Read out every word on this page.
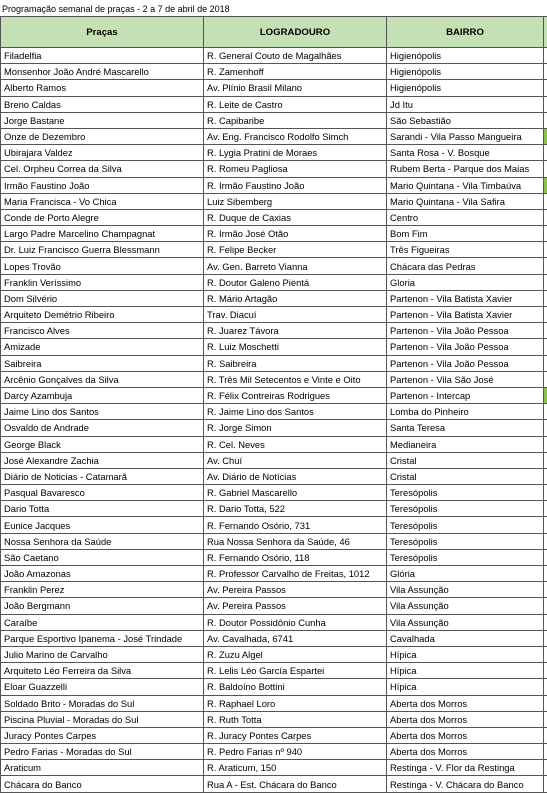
Programação semanal de praças - 2 a 7 de abril de 2018
Praças	LOGRADOURO	BAIRRO	
Filadelfia	R. General Couto de Magalhães	Higienópolis	
Monsenhor João André Mascarello	R. Zamenhoff	Higienópolis	
Alberto Ramos	Av. Plínio Brasil Milano	Higienópolis	
Breno Caldas	R. Leite de Castro	Jd Itu	
Jorge Bastane	R. Capibaribe	São Sebastião	
Onze de Dezembro	Av. Eng. Francisco Rodolfo Simch	Sarandi - Vila Passo Mangueira	
Ubirajara Valdez	R. Lygia Pratini de Moraes	Santa Rosa - V. Bosque	
Cel. Orpheu Correa da Silva	R. Romeu Pagliosa	Rubem Berta - Parque dos Maias	
Irmão Faustino João	R. Irmão Faustino João	Mario Quintana - Vila Timbaúva	
Maria Francisca - Vo Chica	Luiz Sibemberg	Mario Quintana - Vila Safira	
Conde de Porto Alegre	R. Duque de Caxias	Centro	
Largo Padre Marcelino Champagnat	R. Irmão José Otão	Bom Fim	
Dr. Luiz Francisco Guerra Blessmann	R. Felipe Becker	Três Figueiras	
Lopes Trovão	Av. Gen. Barreto Vianna	Chácara das Pedras	
Franklin Veríssimo	R. Doutor Galeno Pientá	Gloria	
Dom Silvério	R. Mário Artagão	Partenon - Vila Batista Xavier	
Arquiteto Demétrio Ribeiro	Trav. Diacuí	Partenon - Vila Batista Xavier	
Francisco Alves	R. Juarez Távora	Partenon - Vila João Pessoa	
Amizade	R. Luiz Moschetti	Partenon - Vila João Pessoa	
Saibreira	R. Saibreira	Partenon - Vila João Pessoa	
Arcênio Gonçalves da Silva	R. Três Mil Setecentos e Vinte e Oito	Partenon - Vila São José	
Darcy Azambuja	R. Félix Contreiras Rodrigues	Partenon - Intercap	
Jaime Lino dos Santos	R. Jaime Lino dos Santos	Lomba do Pinheiro	
Osvaldo de Andrade	R. Jorge Simon	Santa Teresa	
George Black	R. Cel. Neves	Medianeira	
José Alexandre Zachia	Av. Chuí	Cristal	
Diário de Noticias - Catamarã	Av. Diário de Notícias	Cristal	
Pasqual Bavaresco	R. Gabriel Mascarello	Teresópolis	
Dario Totta	R. Dario Totta, 522	Teresópolis	
Eunice Jacques	R. Fernando Osório, 731	Teresópolis	
Nossa Senhora da Saúde	Rua Nossa Senhora da Saúde, 46	Teresópolis	
São Caetano	R. Fernando Osório, 118	Teresópolis	
João Amazonas	R. Professor Carvalho de Freitas, 1012	Glória	
Franklin Perez	Av. Pereira Passos	Vila Assunção	
João Bergmann	Av. Pereira Passos	Vila Assunção	
Caraíbe	R. Doutor Possidônio Cunha	Vila Assunção	
Parque Esportivo Ipanema - José Trindade	Av. Cavalhada, 6741	Cavalhada	
Julio Marino de Carvalho	R. Zuzu Algel	Hípica	
Arquiteto Léo Ferreira da Silva	R. Lelis Léo García Espartei	Hípica	
Eloar Guazzelli	R. Baldoíno Bottini	Hípica	
Soldado Brito - Moradas do Sul	R. Raphael Loro	Aberta dos Morros	
Piscina Pluvial - Moradas do Sul	R. Ruth Totta	Aberta dos Morros	
Juracy Pontes Carpes	R. Juracy Pontes Carpes	Aberta dos Morros	
Pedro Farias - Moradas do Sul	R. Pedro Farias nº 940	Aberta dos Morros	
Araticum	R. Araticum, 150	Restinga - V. Flor da Restinga	
Chácara do Banco	Rua A - Est. Chácara do Banco	Restinga - V. Chácara do Banco	
